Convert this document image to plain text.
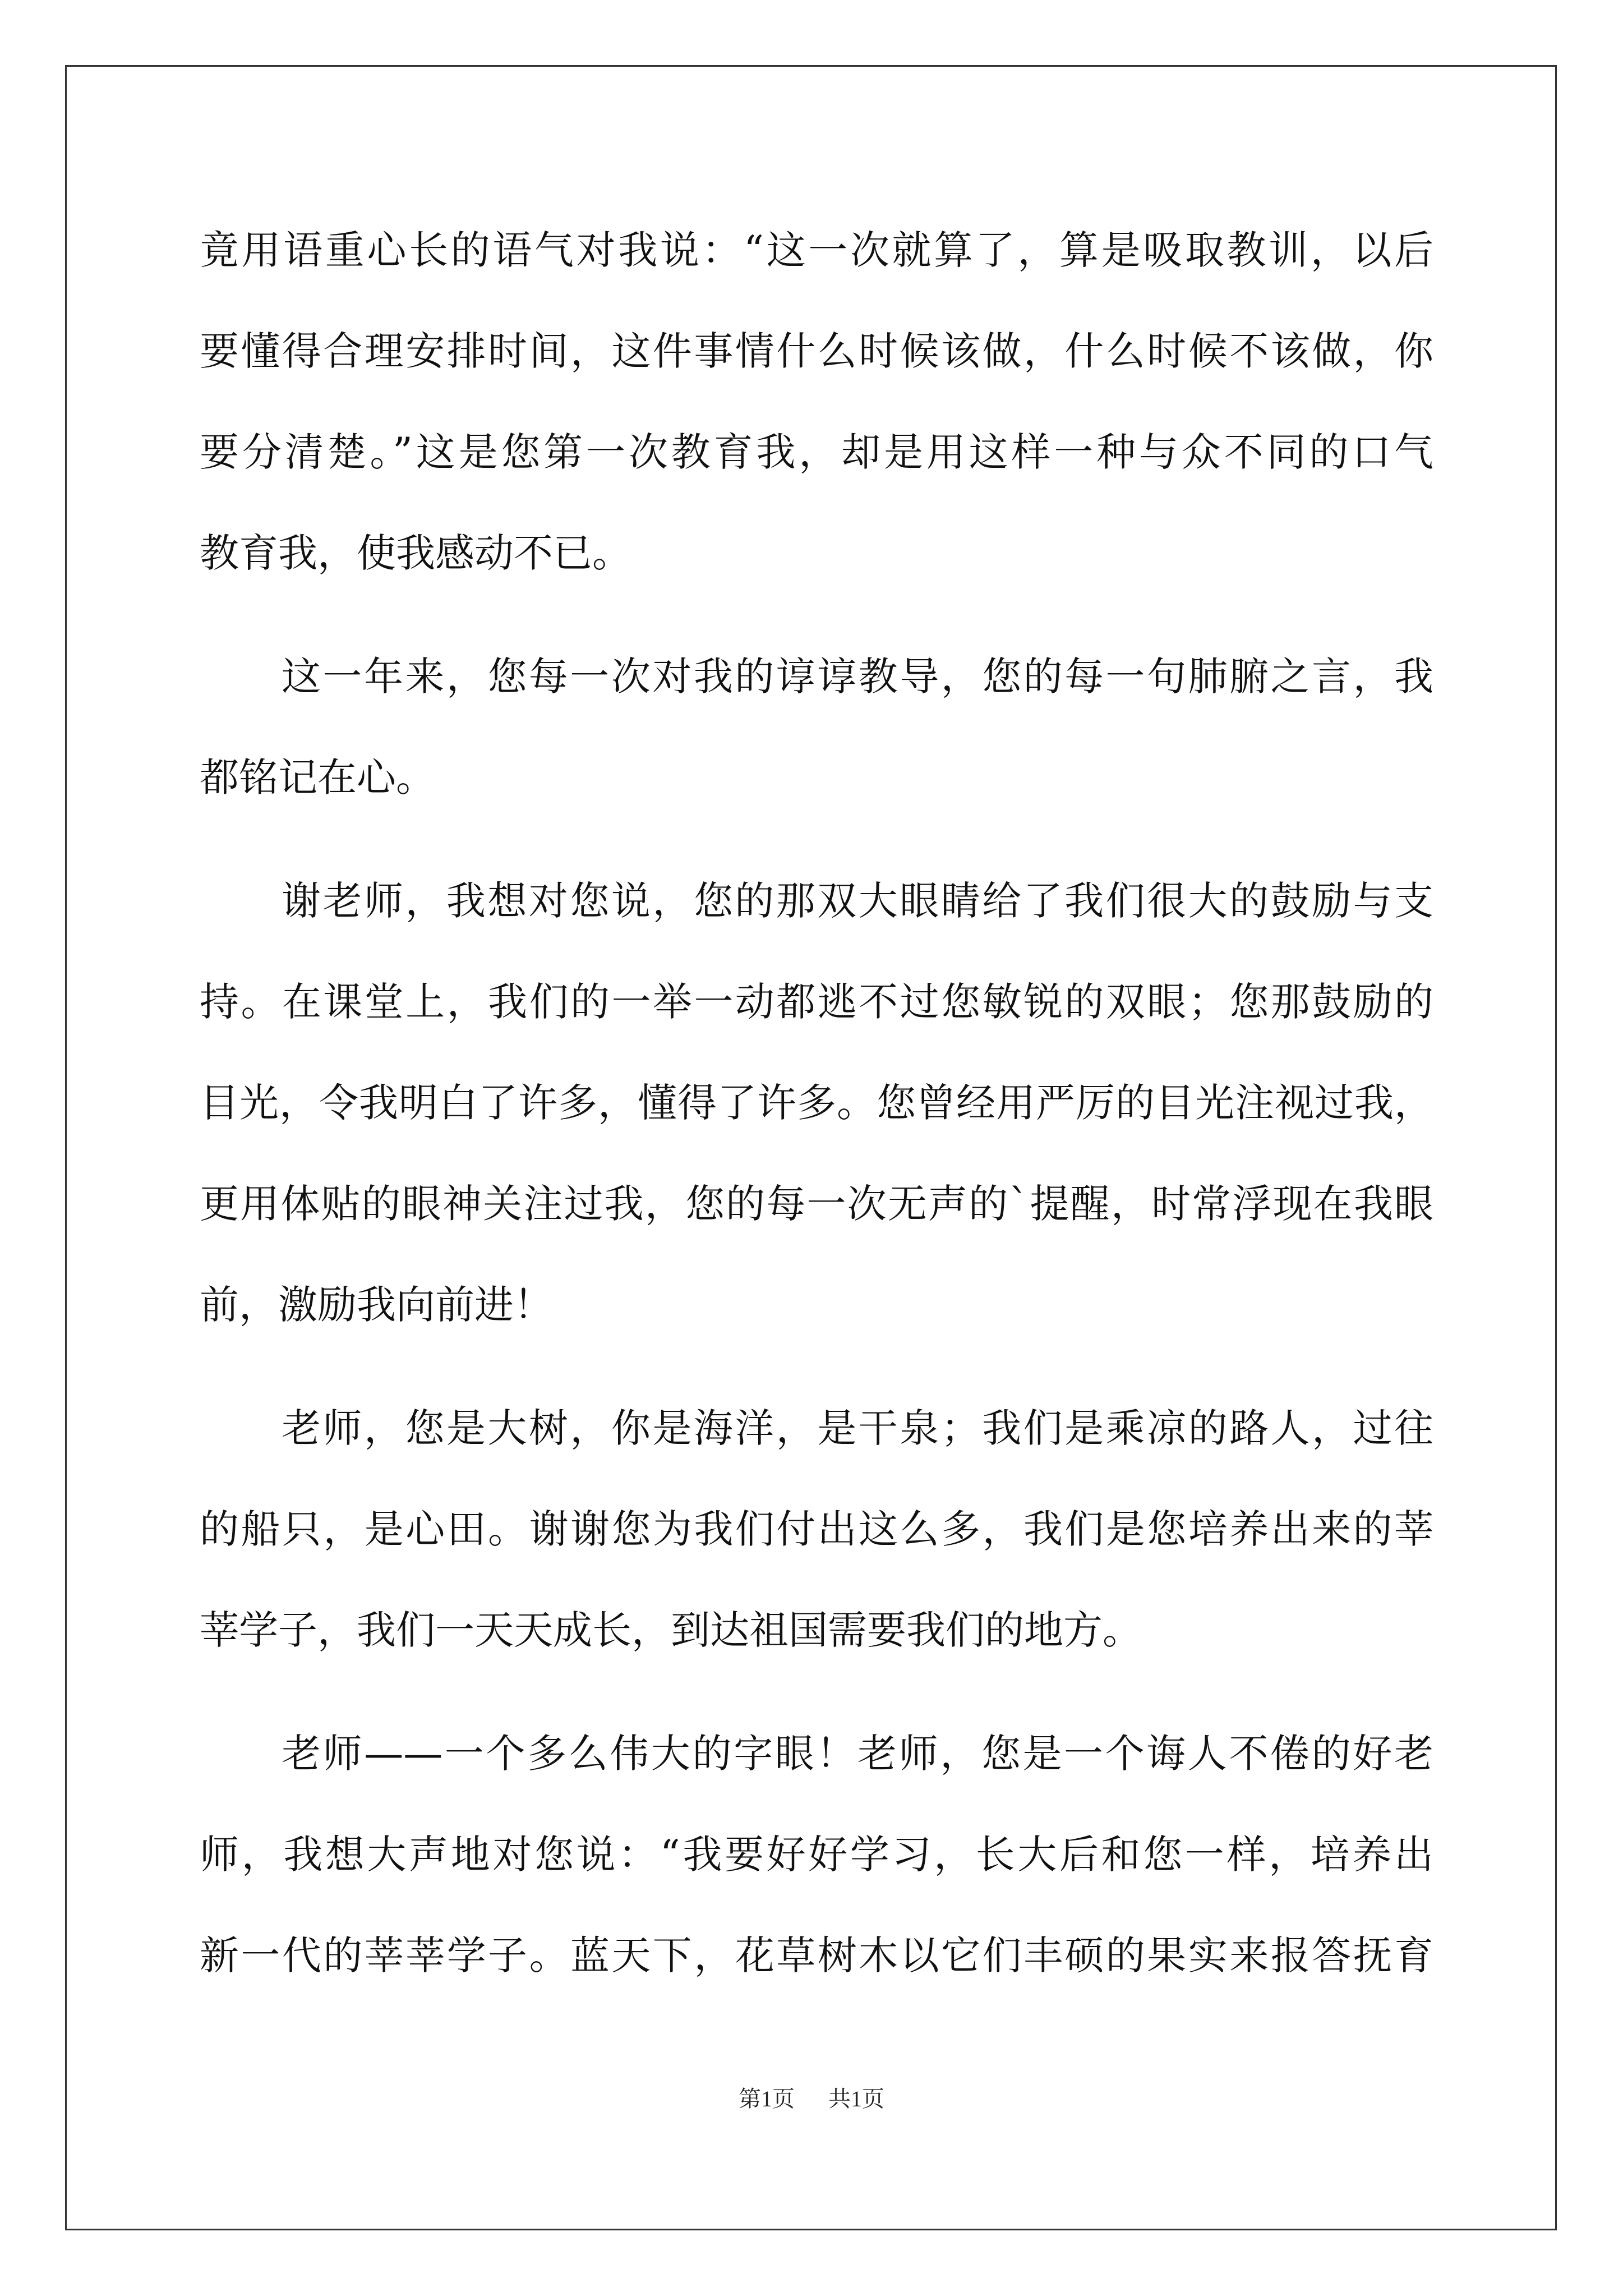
竟用语重心长的语气对我说：“这一次就算了，算是吸取教训，以后
要懂得合理安排时间，这件事情什么时候该做，什么时候不该做，你
要分清楚。”这是您第一次教育我，却是用这样一种与众不同的口气
教育我，使我感动不已。
这一年来，您每一次对我的谆谆教导，您的每一句肺腑之言，我
都铭记在心。
谢老师，我想对您说，您的那双大眼睛给了我们很大的鼓励与支
持。在课堂上，我们的一举一动都逃不过您敏锐的双眼；您那鼓励的
目光，令我明白了许多，懂得了许多。您曾经用严厉的目光注视过我，
更用体贴的眼神关注过我，您的每一次无声的`提醒，时常浮现在我眼
前，激励我向前进！
老师，您是大树，你是海洋，是干泉；我们是乘凉的路人，过往
的船只，是心田。谢谢您为我们付出这么多，我们是您培养出来的莘
莘学子，我们一天天成长，到达祖国需要我们的地方。
老师——一个多么伟大的字眼！老师，您是一个诲人不倦的好老
师，我想大声地对您说：“我要好好学习，长大后和您一样，培养出
新一代的莘莘学子。蓝天下，花草树木以它们丰硕的果实来报答抚育
第1页 共1页
